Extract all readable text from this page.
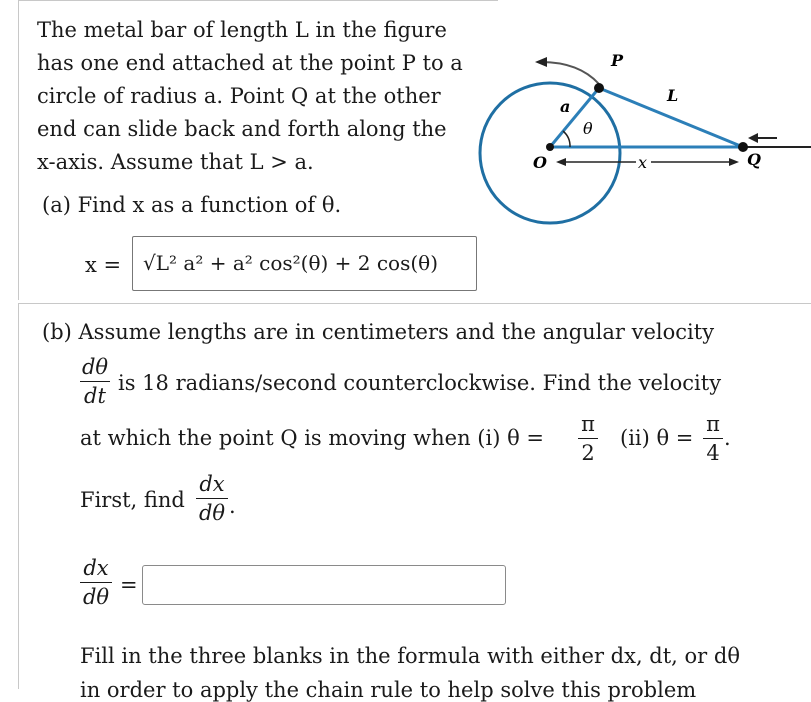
The metal bar of length L in the figure
has one end attached at the point P to a
circle of radius a. Point Q at the other
end can slide back and forth along the
x-axis. Assume that L > a.
(a) Find x as a function of θ.
x = √L² a² + a² cos²(θ) + 2 cos(θ)
P
L
a
θ
O	x	Q
(b) Assume lengths are in centimeters and the angular velocity
dθ
dt
is 18 radians/second counterclockwise. Find the velocity
at which the point Q is moving when (i) θ =
π
2
(ii) θ =
π
4
.
First, find
dx
dθ .
dx
dθ =
Fill in the three blanks in the formula with either dx, dt, or dθ
in order to apply the chain rule to help solve this problem
